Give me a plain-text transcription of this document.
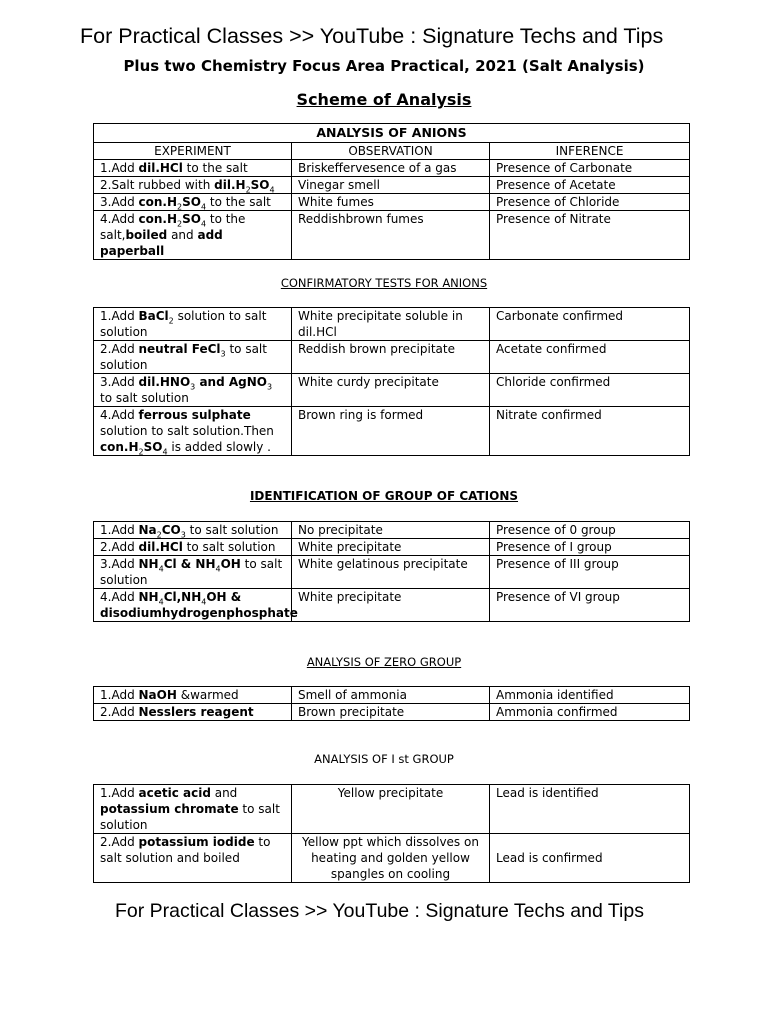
For Practical Classes >> YouTube : Signature Techs and Tips
Plus two Chemistry Focus Area Practical, 2021 (Salt Analysis)
Scheme of Analysis
ANALYSIS OF ANIONS		
EXPERIMENT	OBSERVATION	INFERENCE
1.Add dil.HCl to the salt	Briskeffervesence of a gas	Presence of Carbonate
2.Salt rubbed with $dil.H_2SO_4$	Vinegar smell	Presence of Acetate
3.Add $con.H_2SO_4$ to the salt	White fumes	Presence of Chloride
4.Add $con.H_2SO_4$ to the salt,boiled and add paperball	Reddishbrown fumes	Presence of Nitrate
CONFIRMATORY TESTS FOR ANIONS
1.Add BaCl$_2$ solution to salt solution	White precipitate soluble in dil.HCl	Carbonate confirmed
2.Add neutral FeCl$_3$ to salt solution	Reddish brown precipitate	Acetate confirmed
3.Add $dil.HNO_3$ and AgNO$_3$ to salt solution	White curdy precipitate	Chloride confirmed
4.Add ferrous sulphate solution to salt solution.Then $con.H_2SO_4$ is added slowly .	Brown ring is formed	Nitrate confirmed
IDENTIFICATION OF GROUP OF CATIONS
1.Add $Na_2CO_3$ to salt solution	No precipitate	Presence of 0 group
2.Add dil.HCl to salt solution	White precipitate	Presence of I group
3.Add $NH_4Cl$ & $NH_4OH$ to salt solution	White gelatinous precipitate	Presence of III group
4.Add $NH_4Cl,NH_4OH$ & disodiumhydrogenphosphate	White precipitate	Presence of VI group
ANALYSIS OF ZERO GROUP
1.Add NaOH &warmed	Smell of ammonia	Ammonia identified
2.Add Nesslers reagent	Brown precipitate	Ammonia confirmed
ANALYSIS OF I st GROUP
1.Add acetic acid and potassium chromate to salt solution	Yellow precipitate	Lead is identified
2.Add potassium iodide to salt solution and boiled	Yellow ppt which dissolves on heating and golden yellow spangles on cooling	Lead is confirmed
For Practical Classes >> YouTube : Signature Techs and Tips
